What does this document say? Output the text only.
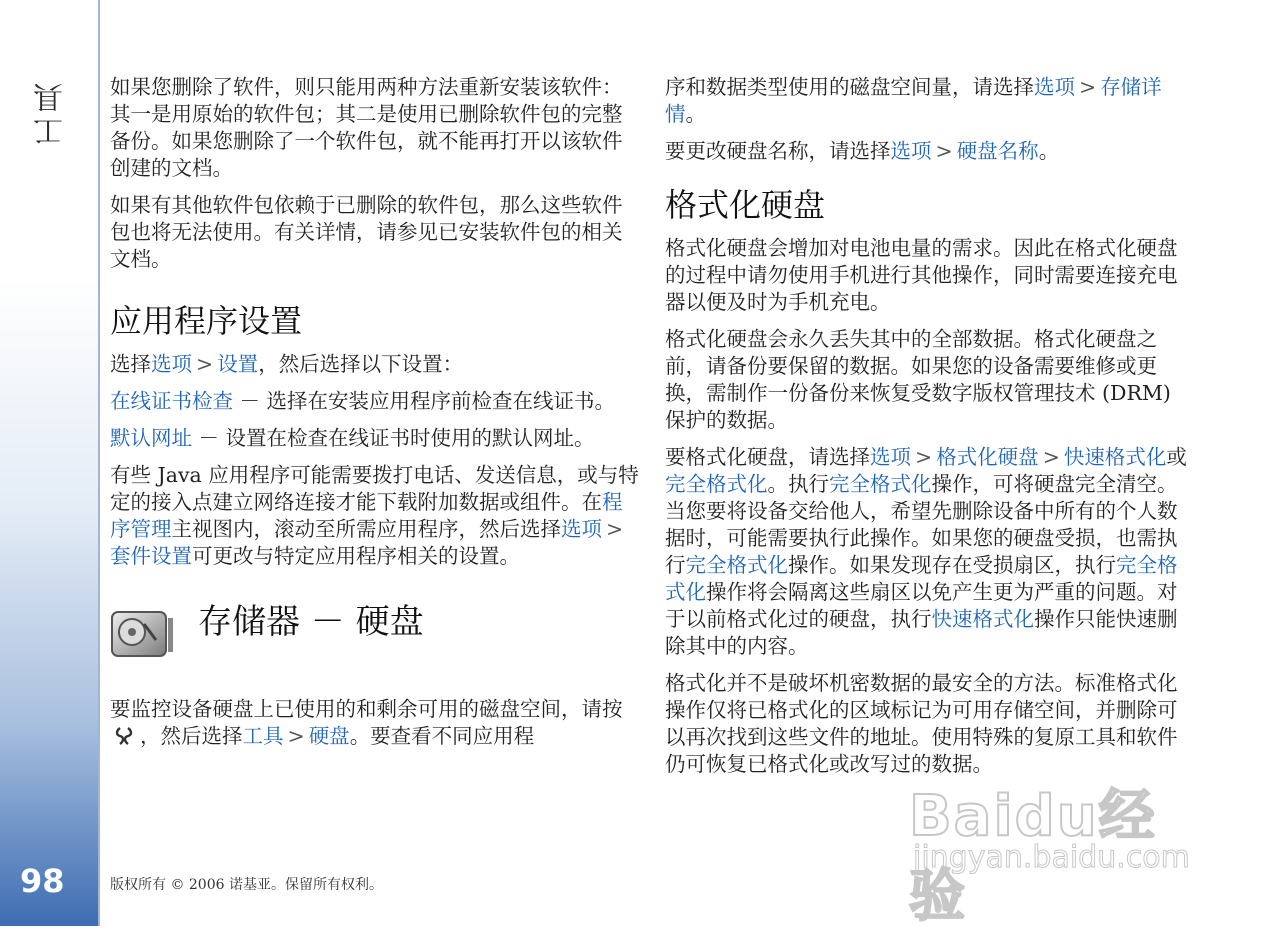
工具
98

如果您删除了软件，则只能用两种方法重新安装该软件：其一是用原始的软件包；其二是使用已删除软件包的完整备份。如果您删除了一个软件包，就不能再打开以该软件创建的文档。

如果有其他软件包依赖于已删除的软件包，那么这些软件包也将无法使用。有关详情，请参见已安装软件包的相关文档。

应用程序设置

选择选项 > 设置，然后选择以下设置：

在线证书检查 － 选择在安装应用程序前检查在线证书。

默认网址 － 设置在检查在线证书时使用的默认网址。

有些 Java 应用程序可能需要拨打电话、发送信息，或与特定的接入点建立网络连接才能下载附加数据或组件。在程序管理主视图内，滚动至所需应用程序，然后选择选项 >套件设置可更改与特定应用程序相关的设置。

存储器 － 硬盘

要监控设备硬盘上已使用的和剩余可用的磁盘空间，请按，然后选择工具 > 硬盘。要查看不同应用程

序和数据类型使用的磁盘空间量，请选择选项 > 存储详情。

要更改硬盘名称，请选择选项 > 硬盘名称。

格式化硬盘

格式化硬盘会增加对电池电量的需求。因此在格式化硬盘的过程中请勿使用手机进行其他操作，同时需要连接充电器以便及时为手机充电。

格式化硬盘会永久丢失其中的全部数据。格式化硬盘之前，请备份要保留的数据。如果您的设备需要维修或更换，需制作一份备份来恢复受数字版权管理技术 (DRM) 保护的数据。

要格式化硬盘，请选择选项 > 格式化硬盘 > 快速格式化或完全格式化。执行完全格式化操作，可将硬盘完全清空。当您要将设备交给他人，希望先删除设备中所有的个人数据时，可能需要执行此操作。如果您的硬盘受损，也需执行完全格式化操作。如果发现存在受损扇区，执行完全格式化操作将会隔离这些扇区以免产生更为严重的问题。对于以前格式化过的硬盘，执行快速格式化操作只能快速删除其中的内容。

格式化并不是破坏机密数据的最安全的方法。标准格式化操作仅将已格式化的区域标记为可用存储空间，并删除可以再次找到这些文件的地址。使用特殊的复原工具和软件仍可恢复已格式化或改写过的数据。

版权所有 © 2006 诺基亚。保留所有权利。
Baidu经验
jingyan.baidu.com
